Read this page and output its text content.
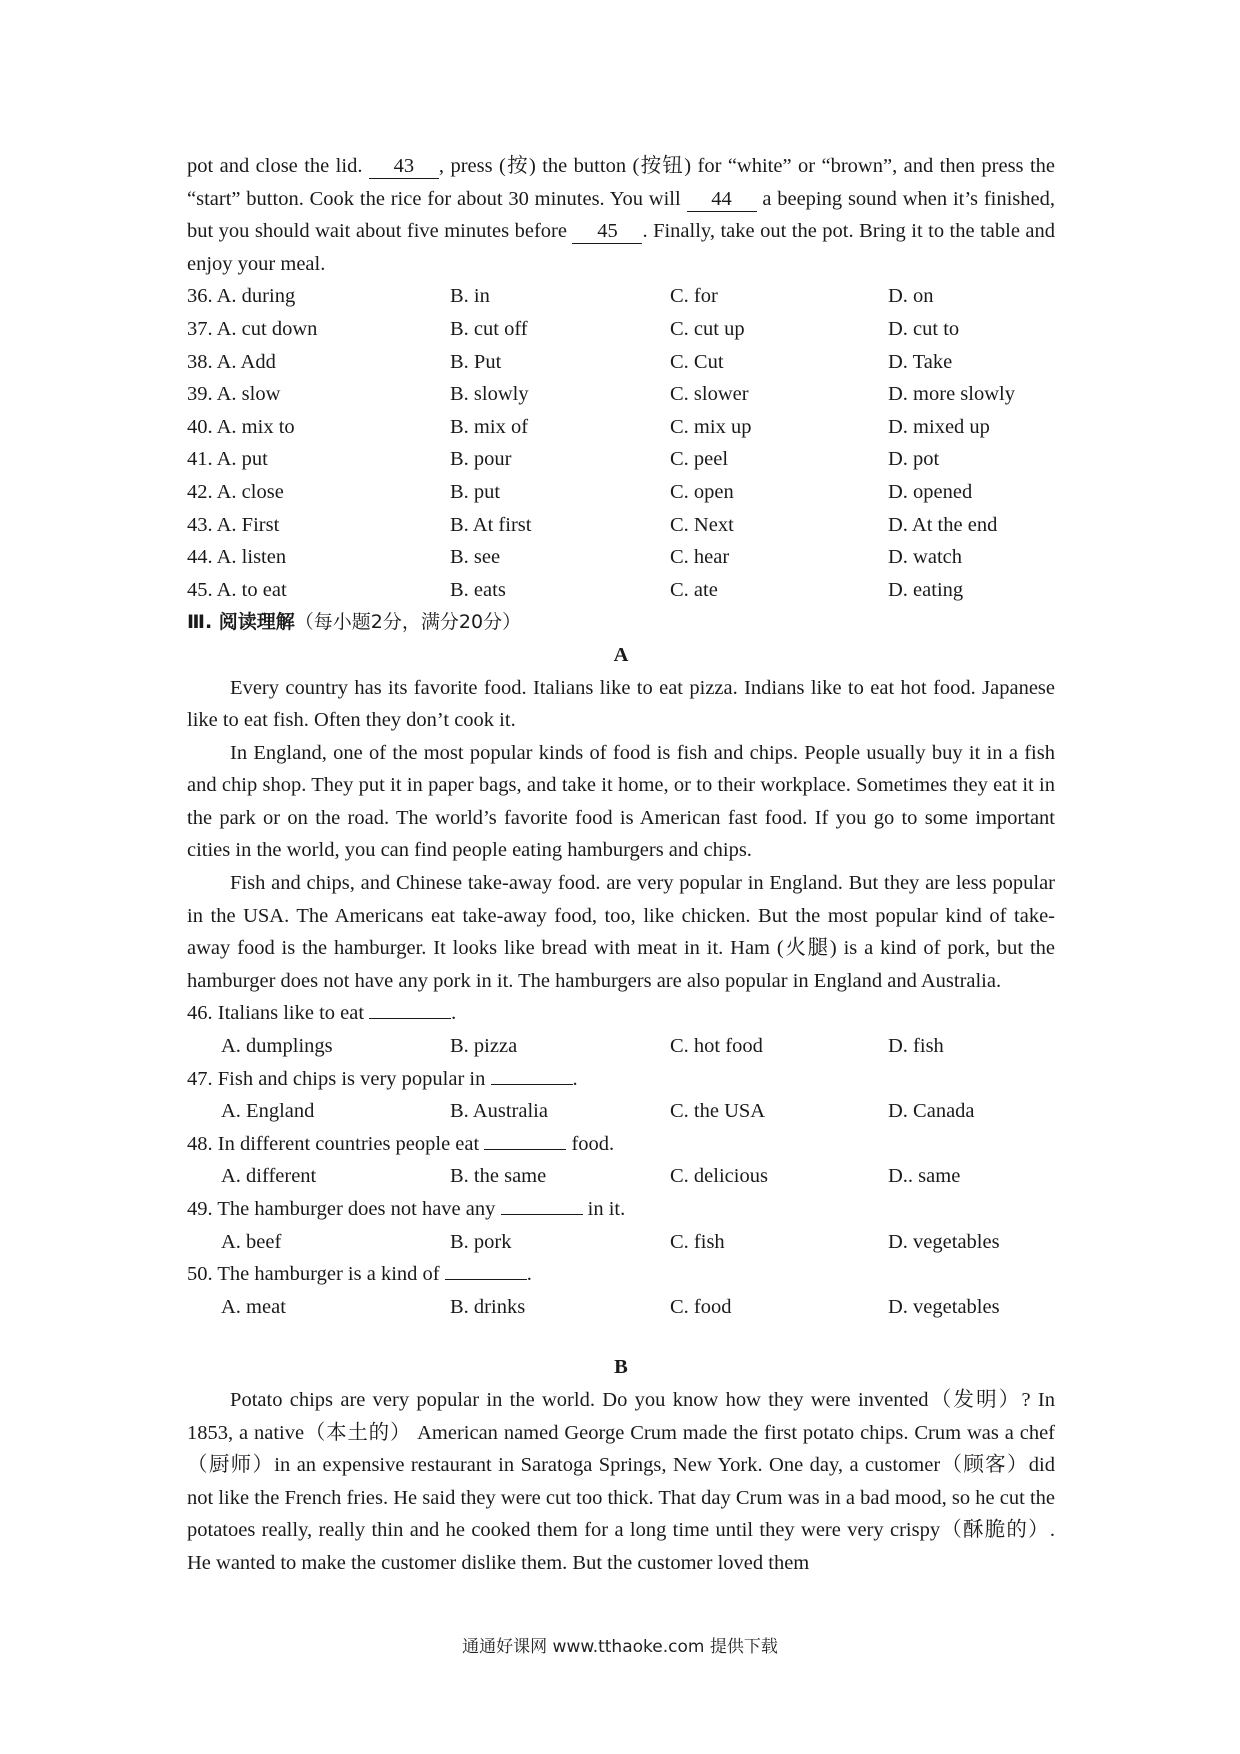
pot and close the lid. 43 , press (按) the button (按钮) for “white” or “brown”, and then press the “start” button. Cook the rice for about 30 minutes. You will 44 a beeping sound when it’s finished, but you should wait about five minutes before 45 . Finally, take out the pot. Bring it to the table and enjoy your meal.

36. A. during	B. in	C. for	D. on
37. A. cut down	B. cut off	C. cut up	D. cut to
38. A. Add	B. Put	C. Cut	D. Take
39. A. slow	B. slowly	C. slower	D. more slowly
40. A. mix to	B. mix of	C. mix up	D. mixed up
41. A. put	B. pour	C. peel	D. pot
42. A. close	B. put	C. open	D. opened
43. A. First	B. At first	C. Next	D. At the end
44. A. listen	B. see	C. hear	D. watch
45. A. to eat	B. eats	C. ate	D. eating
Ⅲ. 阅读理解（每小题2分，满分20分）
A

Every country has its favorite food. Italians like to eat pizza. Indians like to eat hot food. Japanese like to eat fish. Often they don’t cook it.

In England, one of the most popular kinds of food is fish and chips. People usually buy it in a fish and chip shop. They put it in paper bags, and take it home, or to their workplace. Sometimes they eat it in the park or on the road. The world’s favorite food is American fast food. If you go to some important cities in the world, you can find people eating hamburgers and chips.

Fish and chips, and Chinese take-away food. are very popular in England. But they are less popular in the USA. The Americans eat take-away food, too, like chicken. But the most popular kind of take-away food is the hamburger. It looks like bread with meat in it. Ham (火腿) is a kind of pork, but the hamburger does not have any pork in it. The hamburgers are also popular in England and Australia.

46. Italians like to eat	.
A. dumplings	B. pizza	C. hot food	D. fish
47. Fish and chips is very popular in	.
A. England	B. Australia	C. the USA	D. Canada
48. In different countries people eat	food.
A. different	B. the same	C. delicious	D.. same
49. The hamburger does not have any	in it.
A. beef	B. pork	C. fish	D. vegetables
50. The hamburger is a kind of	.
A. meat	B. drinks	C. food	D. vegetables
B

Potato chips are very popular in the world. Do you know how they were invented（发明）? In 1853, a native（本土的） American named George Crum made the first potato chips. Crum was a chef（厨师）in an expensive restaurant in Saratoga Springs, New York. One day, a customer（顾客）did not like the French fries. He said they were cut too thick. That day Crum was in a bad mood, so he cut the potatoes really, really thin and he cooked them for a long time until they were very crispy（酥脆的）. He wanted to make the customer dislike them. But the customer loved them

通通好课网 www.tthaoke.com 提供下载
